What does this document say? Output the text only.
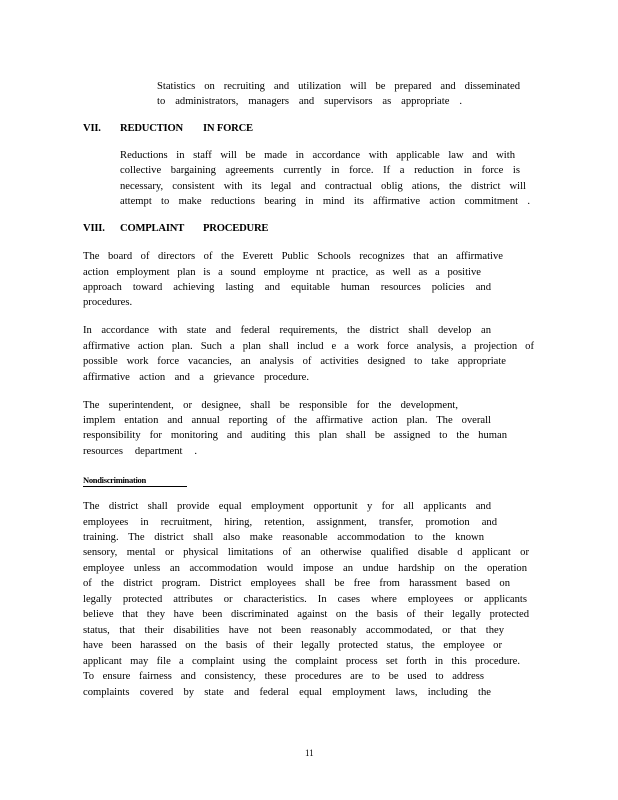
Statistics on recruiting and utilization will be prepared and disseminated
to administrators, managers and supervisors as appropriate .
VII. REDUCTION IN FORCE
Reductions in staff will be made in accordance with applicable law and with
collective bargaining agreements currently in force. If a reduction in force is
necessary, consistent with its legal and contractual oblig ations, the district will
attempt to make reductions bearing in mind its affirmative action commitment .
VIII. COMPLAINT PROCEDURE
The board of directors of the Everett Public Schools recognizes that an affirmative
action employment plan is a sound employme nt practice, as well as a positive
approach toward achieving lasting and equitable human resources policies and
procedures.
In accordance with state and federal requirements, the district shall develop an
affirmative action plan. Such a plan shall includ e a work force analysis, a projection of
possible work force vacancies, an analysis of activities designed to take appropriate
affirmative action and a grievance procedure.
The superintendent, or designee, shall be responsible for the development,
implem entation and annual reporting of the affirmative action plan. The overall
responsibility for monitoring and auditing this plan shall be assigned to the human
resources department .
Nondiscrimination
The district shall provide equal employment opportunit y for all applicants and
employees in recruitment, hiring, retention, assignment, transfer, promotion and
training. The district shall also make reasonable accommodation to the known
sensory, mental or physical limitations of an otherwise qualified disable d applicant or
employee unless an accommodation would impose an undue hardship on the operation
of the district program. District employees shall be free from harassment based on
legally protected attributes or characteristics. In cases where employees or applicants
believe that they have been discriminated against on the basis of their legally protected
status, that their disabilities have not been reasonably accommodated, or that they
have been harassed on the basis of their legally protected status, the employee or
applicant may file a complaint using the complaint process set forth in this procedure.
To ensure fairness and consistency, these procedures are to be used to address
complaints covered by state and federal equal employment laws, including the
11
